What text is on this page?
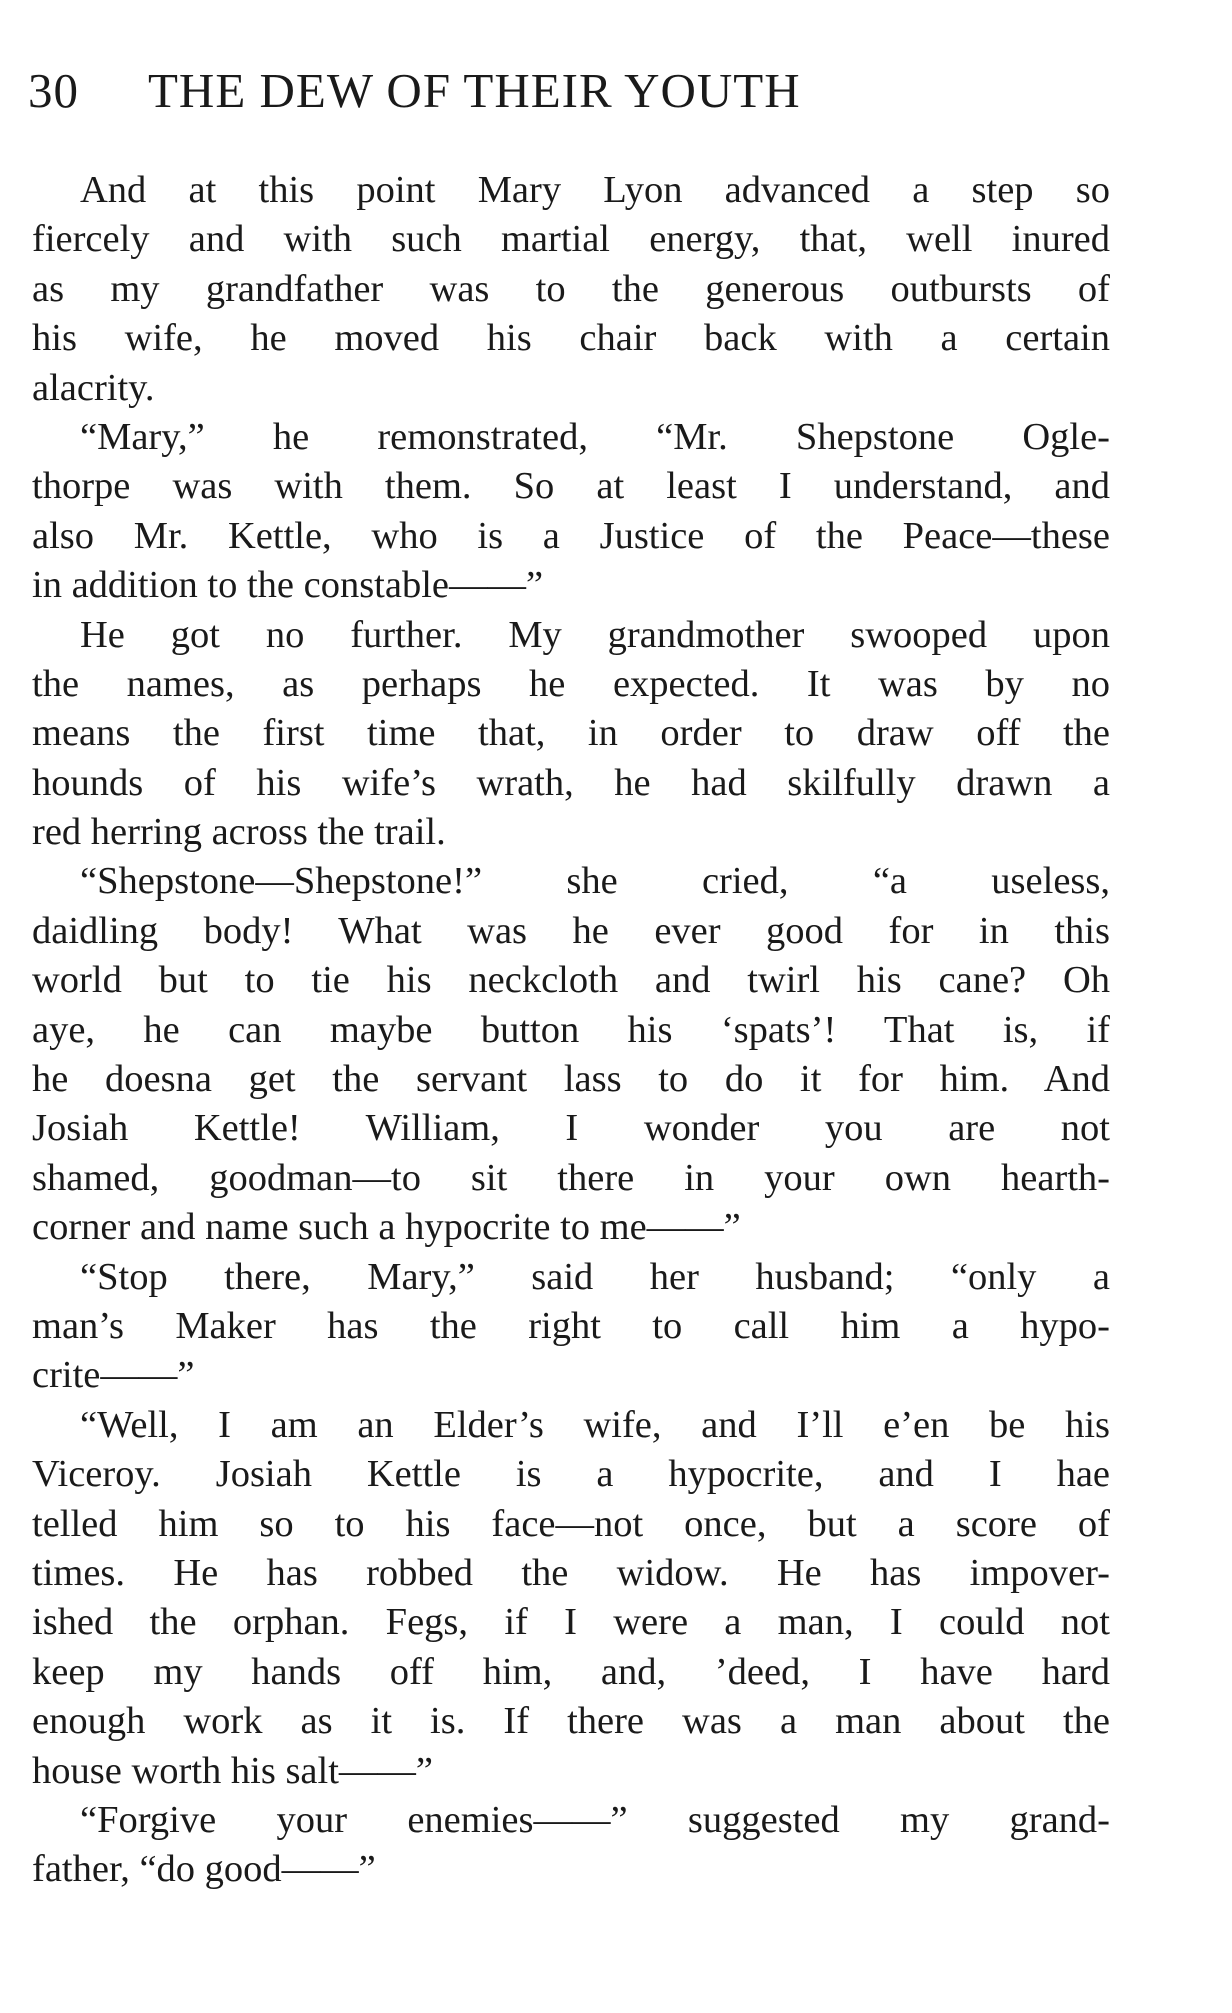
30 THE DEW OF THEIR YOUTH
And at this point Mary Lyon advanced a step so
fiercely and with such martial energy, that, well inured
as my grandfather was to the generous outbursts of
his wife, he moved his chair back with a certain
alacrity.
“Mary,” he remonstrated, “Mr. Shepstone Ogle-
thorpe was with them. So at least I understand, and
also Mr. Kettle, who is a Justice of the Peace—these
in addition to the constable——”
He got no further. My grandmother swooped upon
the names, as perhaps he expected. It was by no
means the first time that, in order to draw off the
hounds of his wife’s wrath, he had skilfully drawn a
red herring across the trail.
“Shepstone—Shepstone!” she cried, “a useless,
daidling body! What was he ever good for in this
world but to tie his neckcloth and twirl his cane? Oh
aye, he can maybe button his ‘spats’! That is, if
he doesna get the servant lass to do it for him. And
Josiah Kettle! William, I wonder you are not
shamed, goodman—to sit there in your own hearth-
corner and name such a hypocrite to me——”
“Stop there, Mary,” said her husband; “only a
man’s Maker has the right to call him a hypo-
crite——”
“Well, I am an Elder’s wife, and I’ll e’en be his
Viceroy. Josiah Kettle is a hypocrite, and I hae
telled him so to his face—not once, but a score of
times. He has robbed the widow. He has impover-
ished the orphan. Fegs, if I were a man, I could not
keep my hands off him, and, ’deed, I have hard
enough work as it is. If there was a man about the
house worth his salt——”
“Forgive your enemies——” suggested my grand-
father, “do good——”
